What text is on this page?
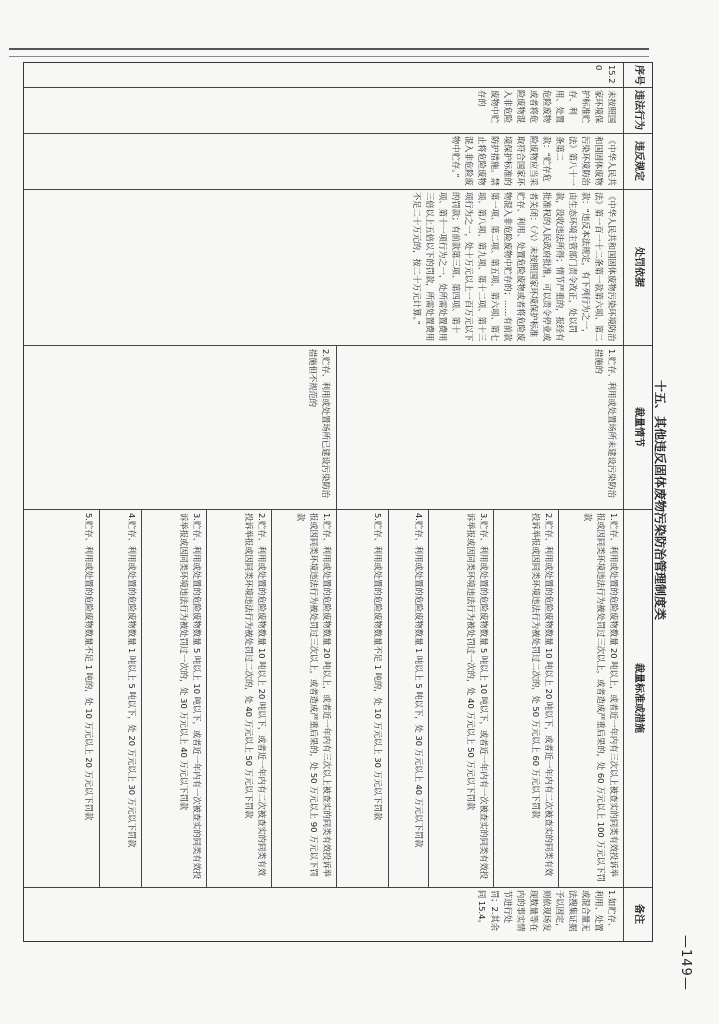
—149—
十五、其他违反固体废物污染防治管理制度类
序号
违法行为
违反规定
处罚依据
裁量情节
裁量标准或措施
备注
15.20
未按照国家环境保护标准贮存、利用、处置危险废物或者将危险废物混入非危险废物中贮存的
《中华人民共和国固体废物污染环境防治法》第八十一条第二款：“贮存危险废物应当采取符合国家环境保护标准的防护措施。禁止将危险废物混入非危险废物中贮存。”
《中华人民共和国固体废物污染环境防治法》第一百一十二条第一款第六项、第二款：“违反本法规定，有下列行为之一，由生态环境主管部门责令改正，处以罚款，没收违法所得；情节严重的，报经有批准权的人民政府批准，可以责令停业或者关闭：（六）未按照国家环境保护标准贮存、利用、处置危险废物或者将危险废物混入非危险废物中贮存的；……有前款第一项、第二项、第五项、第六项、第七项、第八项、第九项、第十二项、第十三项行为之一，处十万元以上一百万元以下的罚款；有前款第三项、第四项、第十项、第十一项行为之一，处所需处置费用三倍以上五倍以下的罚款，所需处置费用不足二十万元的，按二十万元计算。”
1.贮存、利用或处置场所未建设污染防治措施的
2.贮存、利用或处置场所已建设污染防治措施但不规范的
1.贮存、利用或处置的危险废物数量 20 吨以上，或者近一年内有三次以上被查实的同类有效投诉举报或因同类环境违法行为被处罚过三次以上，或者造成严重后果的，处 60 万元以上 100 万元以下罚款
2.贮存、利用或处置的危险废物数量 10 吨以上 20 吨以下，或者近一年内有二次被查实的同类有效投诉举报或因同类环境违法行为被处罚过二次的，处 50 万元以上 60 万元以下罚款
3.贮存、利用或处置的危险废物数量 5 吨以上 10 吨以下，或者近一年内有一次被查实的同类有效投诉举报或因同类环境违法行为被处罚过一次的，处 40 万元以上 50 万元以下罚款
4.贮存、利用或处置的危险废物数量 1 吨以上 5 吨以下，处 30 万元以上 40 万元以下罚款
5.贮存、利用或处置的危险废物数量不足 1 吨的，处 10 万元以上 30 万元以下罚款
1.贮存、利用或处置的危险废物数量 20 吨以上，或者近一年内有三次以上被查实的同类有效投诉举报或因同类环境违法行为被处罚过三次以上，或者造成严重后果的，处 50 万元以上 90 万元以下罚款
2.贮存、利用或处置的危险废物数量 10 吨以上 20 吨以下，或者近一年内有二次被查实的同类有效投诉举报或因同类环境违法行为被处罚过二次的，处 40 万元以上 50 万元以下罚款
3.贮存、利用或处置的危险废物数量 5 吨以上 10 吨以下，或者近一年内有一次被查实的同类有效投诉举报或因同类环境违法行为被处罚过一次的，处 30 万元以上 40 万元以下罚款
4.贮存、利用或处置的危险废物数量 1 吨以上 5 吨以下，处 20 万元以上 30 万元以下罚款
5.贮存、利用或处置的危险废物数量不足 1 吨的，处 10 万元以上 20 万元以下罚款
1.如贮存、利用、处置或混合量无法搜集证据予以固定，则依现场发现数量等在内的事实情节进行处罚；2.其余同 15.4。
